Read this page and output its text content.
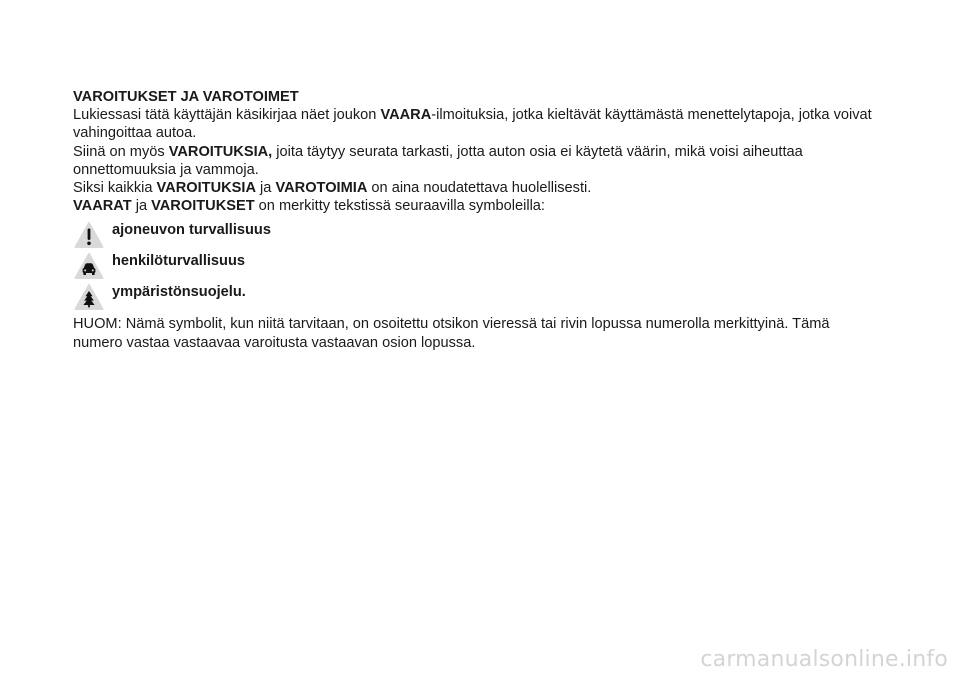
VAROITUKSET JA VAROTOIMET

Lukiessasi tätä käyttäjän käsikirjaa näet joukon VAARA-ilmoituksia, jotka kieltävät käyttämästä menettelytapoja, jotka voivat vahingoittaa autoa.

Siinä on myös VAROITUKSIA, joita täytyy seurata tarkasti, jotta auton osia ei käytetä väärin, mikä voisi aiheuttaa onnettomuuksia ja vammoja.

Siksi kaikkia VAROITUKSIA ja VAROTOIMIA on aina noudatettava huolellisesti.

VAARAT ja VAROITUKSET on merkitty tekstissä seuraavilla symboleilla:

ajoneuvon turvallisuus
henkilöturvallisuus
ympäristönsuojelu.

HUOM: Nämä symbolit, kun niitä tarvitaan, on osoitettu otsikon vieressä tai rivin lopussa numerolla merkittyinä. Tämä numero vastaa vastaavaa varoitusta vastaavan osion lopussa.

carmanualsonline.info
